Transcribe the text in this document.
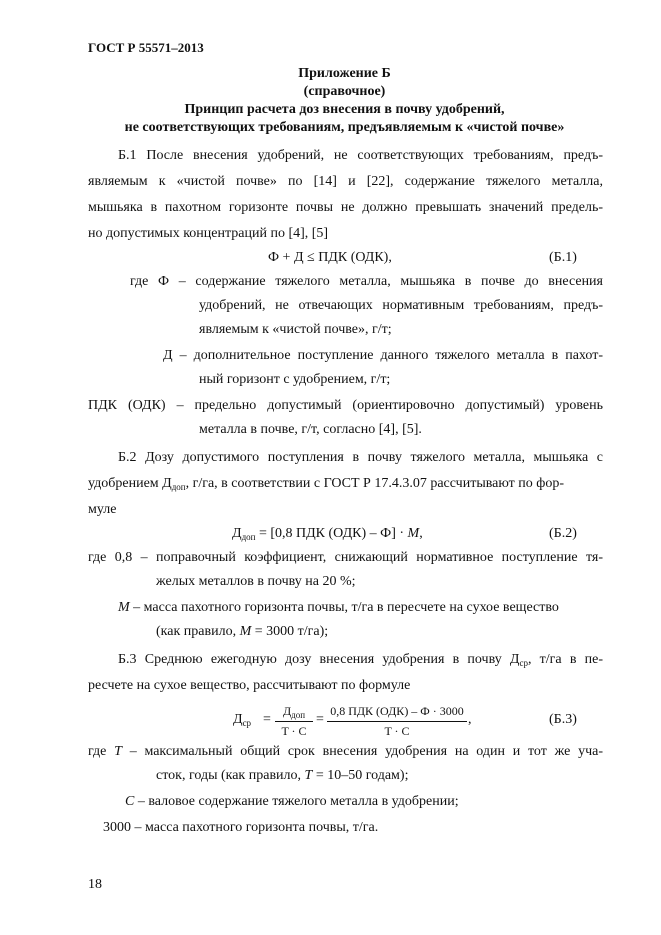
ГОСТ Р 55571–2013
Приложение Б
(справочное)
Принцип расчета доз внесения в почву удобрений,
не соответствующих требованиям, предъявляемым к «чистой почве»
Б.1 После внесения удобрений, не соответствующих требованиям, предъ-
являемым к «чистой почве» по [14] и [22], содержание тяжелого металла,
мышьяка в пахотном горизонте почвы не должно превышать значений предель-
но допустимых концентраций по [4], [5]
Ф + Д ≤ ПДК (ОДК),	(Б.1)
где Ф – содержание тяжелого металла, мышьяка в почве до внесения
удобрений, не отвечающих нормативным требованиям, предъ-
являемым к «чистой почве», г/т;
Д – дополнительное поступление данного тяжелого металла в пахот-
ный горизонт с удобрением, г/т;
ПДК (ОДК) – предельно допустимый (ориентировочно допустимый) уровень
металла в почве, г/т, согласно [4], [5].
Б.2 Дозу допустимого поступления в почву тяжелого металла, мышьяка с
удобрением $Д_{доп}$, г/га, в соответствии с ГОСТ Р 17.4.3.07 рассчитывают по фор-
муле
$Д_{доп} = [0,8$ ПДК (ОДК) – Ф] · М,	(Б.2)
где 0,8 – поправочный коэффициент, снижающий нормативное поступление тя-
желых металлов в почву на 20 %;
М – масса пахотного горизонта почвы, т/га в пересчете на сухое вещество
(как правило, М = 3000 т/га);
Б.3 Среднюю ежегодную дозу внесения удобрения в почву $Д_{ср}$, т/га в пе-
ресчете на сухое вещество, рассчитывают по формуле
$Д_{ср}$ =
$Д_{доп}$
T · C
=
0,8 ПДК (ОДК) – Ф · 3000
T · C
,	(Б.3)
где Т – максимальный общий срок внесения удобрения на один и тот же уча-
сток, годы (как правило, Т = 10–50 годам);
С – валовое содержание тяжелого металла в удобрении;
3000 – масса пахотного горизонта почвы, т/га.
18
